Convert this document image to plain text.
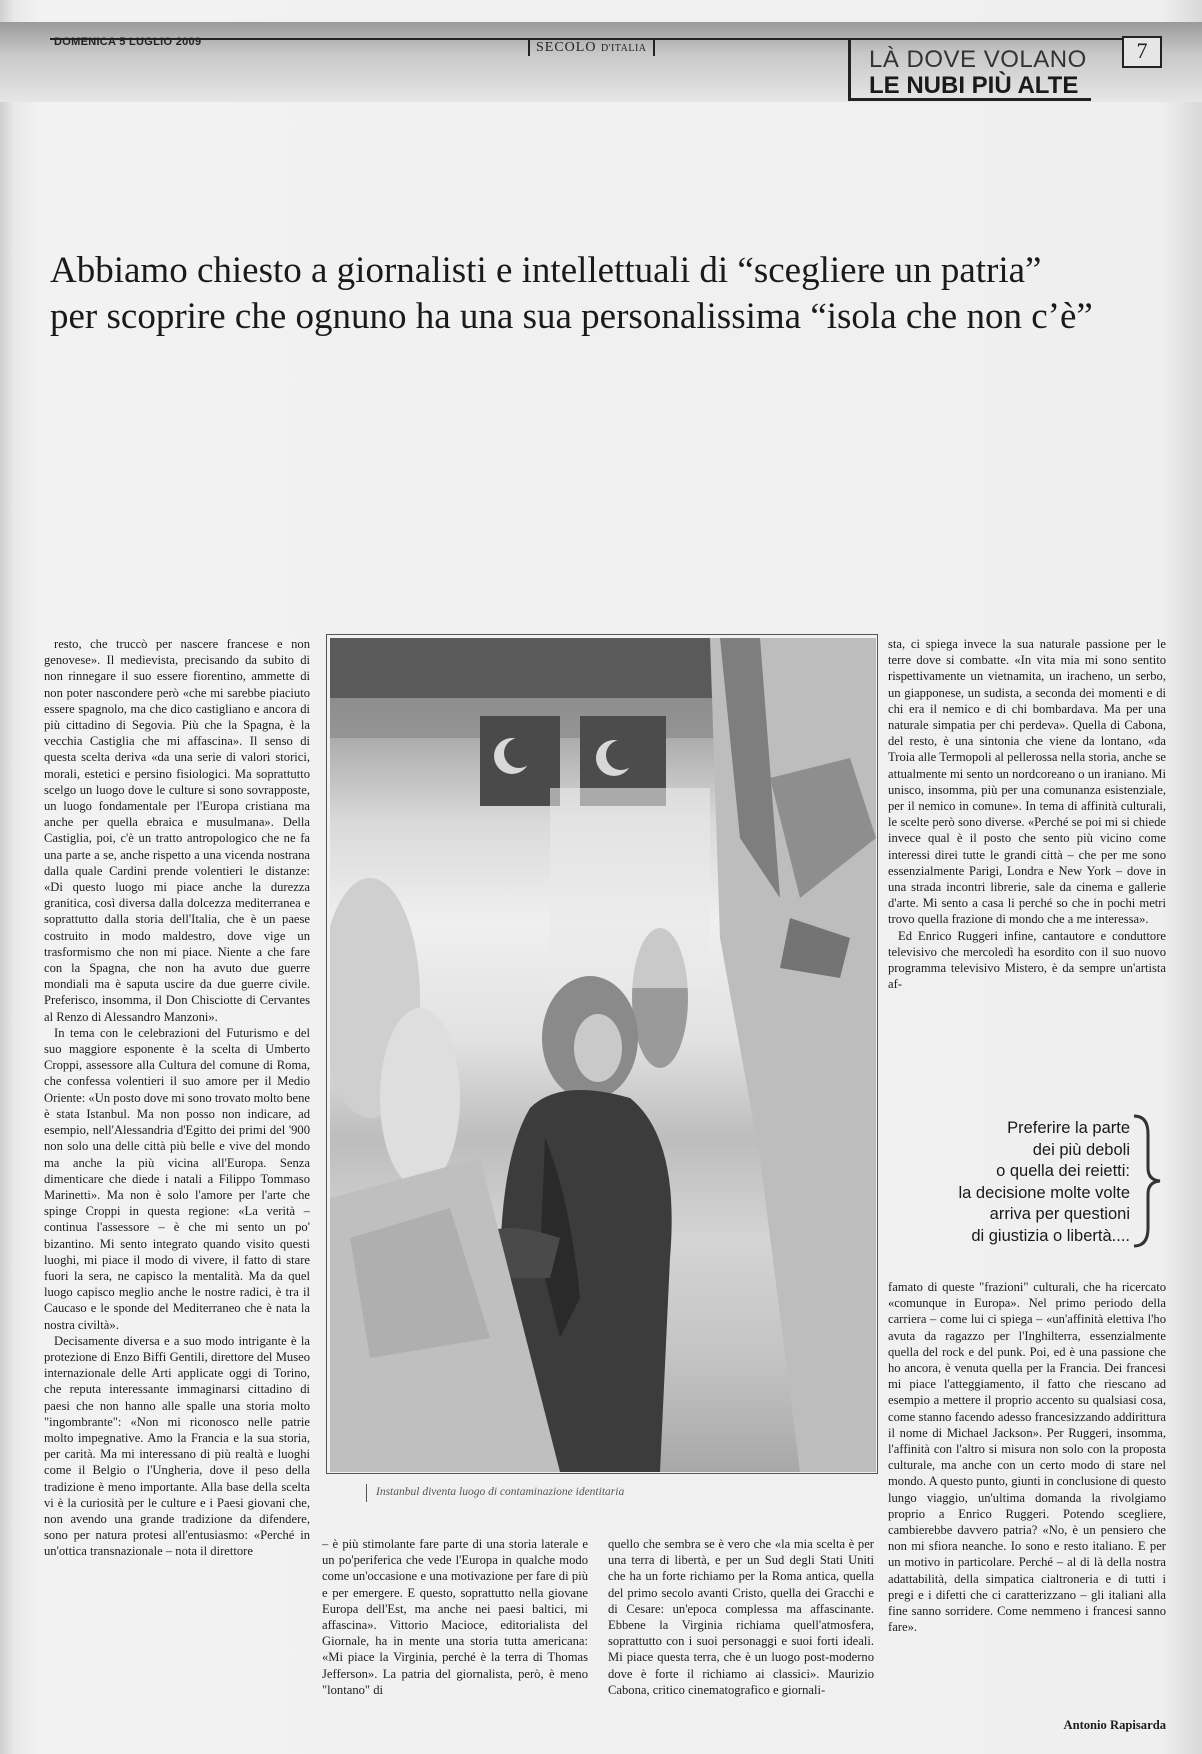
DOMENICA 5 LUGLIO 2009	SECOLO D'ITALIA	LÀ DOVE VOLANO
LE NUBI PIÙ ALTE
7
Abbiamo chiesto a giornalisti e intellettuali di “scegliere un patria”
per scoprire che ognuno ha una sua personalissima “isola che non c’è”

resto, che truccò per nascere francese e non genovese». Il medievista, precisando da subito di non rinnegare il suo essere fiorentino, ammette di non poter nascondere però «che mi sarebbe piaciuto essere spagnolo, ma che dico castigliano e ancora di più cittadino di Segovia. Più che la Spagna, è la vecchia Castiglia che mi affascina». Il senso di questa scelta deriva «da una serie di valori storici, morali, estetici e persino fisiologici. Ma soprattutto scelgo un luogo dove le culture si sono sovrapposte, un luogo fondamentale per l'Europa cristiana ma anche per quella ebraica e musulmana». Della Castiglia, poi, c'è un tratto antropologico che ne fa una parte a se, anche rispetto a una vicenda nostrana dalla quale Cardini prende volentieri le distanze: «Di questo luogo mi piace anche la durezza granitica, così diversa dalla dolcezza mediterranea e soprattutto dalla storia dell'Italia, che è un paese costruito in modo maldestro, dove vige un trasformismo che non mi piace. Niente a che fare con la Spagna, che non ha avuto due guerre mondiali ma è saputa uscire da due guerre civile. Preferisco, insomma, il Don Chisciotte di Cervantes al Renzo di Alessandro Manzoni».

In tema con le celebrazioni del Futurismo e del suo maggiore esponente è la scelta di Umberto Croppi, assessore alla Cultura del comune di Roma, che confessa volentieri il suo amore per il Medio Oriente: «Un posto dove mi sono trovato molto bene è stata Istanbul. Ma non posso non indicare, ad esempio, nell'Alessandria d'Egitto dei primi del '900 non solo una delle città più belle e vive del mondo ma anche la più vicina all'Europa. Senza dimenticare che diede i natali a Filippo Tommaso Marinetti». Ma non è solo l'amore per l'arte che spinge Croppi in questa regione: «La verità – continua l'assessore – è che mi sento un po' bizantino. Mi sento integrato quando visito questi luoghi, mi piace il modo di vivere, il fatto di stare fuori la sera, ne capisco la mentalità. Ma da quel luogo capisco meglio anche le nostre radici, è tra il Caucaso e le sponde del Mediterraneo che è nata la nostra civiltà».

Decisamente diversa e a suo modo intrigante è la protezione di Enzo Biffi Gentili, direttore del Museo internazionale delle Arti applicate oggi di Torino, che reputa interessante immaginarsi cittadino di paesi che non hanno alle spalle una storia molto "ingombrante": «Non mi riconosco nelle patrie molto impegnative. Amo la Francia e la sua storia, per carità. Ma mi interessano di più realtà e luoghi come il Belgio o l'Ungheria, dove il peso della tradizione è meno importante. Alla base della scelta vi è la curiosità per le culture e i Paesi giovani che, non avendo una grande tradizione da difendere, sono per natura protesi all'entusiasmo: «Perché in un'ottica transnazionale – nota il direttore

Instanbul diventa luogo di contaminazione identitaria

– è più stimolante fare parte di una storia laterale e un po'periferica che vede l'Europa in qualche modo come un'occasione e una motivazione per fare di più e per emergere. E questo, soprattutto nella giovane Europa dell'Est, ma anche nei paesi baltici, mi affascina». Vittorio Macioce, editorialista del Giornale, ha in mente una storia tutta americana: «Mi piace la Virginia, perché è la terra di Thomas Jefferson». La patria del giornalista, però, è meno "lontano" di

quello che sembra se è vero che «la mia scelta è per una terra di libertà, e per un Sud degli Stati Uniti che ha un forte richiamo per la Roma antica, quella del primo secolo avanti Cristo, quella dei Gracchi e di Cesare: un'epoca complessa ma affascinante. Ebbene la Virginia richiama quell'atmosfera, soprattutto con i suoi personaggi e suoi forti ideali. Mi piace questa terra, che è un luogo post-moderno dove è forte il richiamo ai classici». Maurizio Cabona, critico cinematografico e giornali-

sta, ci spiega invece la sua naturale passione per le terre dove si combatte. «In vita mia mi sono sentito rispettivamente un vietnamita, un iracheno, un serbo, un giapponese, un sudista, a seconda dei momenti e di chi era il nemico e di chi bombardava. Ma per una naturale simpatia per chi perdeva». Quella di Cabona, del resto, è una sintonia che viene da lontano, «da Troia alle Termopoli al pellerossa nella storia, anche se attualmente mi sento un nordcoreano o un iraniano. Mi unisco, insomma, più per una comunanza esistenziale, per il nemico in comune». In tema di affinità culturali, le scelte però sono diverse. «Perché se poi mi si chiede invece qual è il posto che sento più vicino come interessi direi tutte le grandi città – che per me sono essenzialmente Parigi, Londra e New York – dove in una strada incontri librerie, sale da cinema e gallerie d'arte. Mi sento a casa li perché so che in pochi metri trovo quella frazione di mondo che a me interessa».

Ed Enrico Ruggeri infine, cantautore e conduttore televisivo che mercoledì ha esordito con il suo nuovo programma televisivo Mistero, è da sempre un'artista af-

Preferire la parte
dei più deboli
o quella dei reietti:
la decisione molte volte
arriva per questioni
di giustizia o libertà....

famato di queste "frazioni" culturali, che ha ricercato «comunque in Europa». Nel primo periodo della carriera – come lui ci spiega – «un'affinità elettiva l'ho avuta da ragazzo per l'Inghilterra, essenzialmente quella del rock e del punk. Poi, ed è una passione che ho ancora, è venuta quella per la Francia. Dei francesi mi piace l'atteggiamento, il fatto che riescano ad esempio a mettere il proprio accento su qualsiasi cosa, come stanno facendo adesso francesizzando addirittura il nome di Michael Jackson». Per Ruggeri, insomma, l'affinità con l'altro si misura non solo con la proposta culturale, ma anche con un certo modo di stare nel mondo. A questo punto, giunti in conclusione di questo lungo viaggio, un'ultima domanda la rivolgiamo proprio a Enrico Ruggeri. Potendo scegliere, cambierebbe davvero patria? «No, è un pensiero che non mi sfiora neanche. Io sono e resto italiano. E per un motivo in particolare. Perché – al di là della nostra adattabilità, della simpatica cialtroneria e di tutti i pregi e i difetti che ci caratterizzano – gli italiani alla fine sanno sorridere. Come nemmeno i francesi sanno fare».

Antonio Rapisarda
